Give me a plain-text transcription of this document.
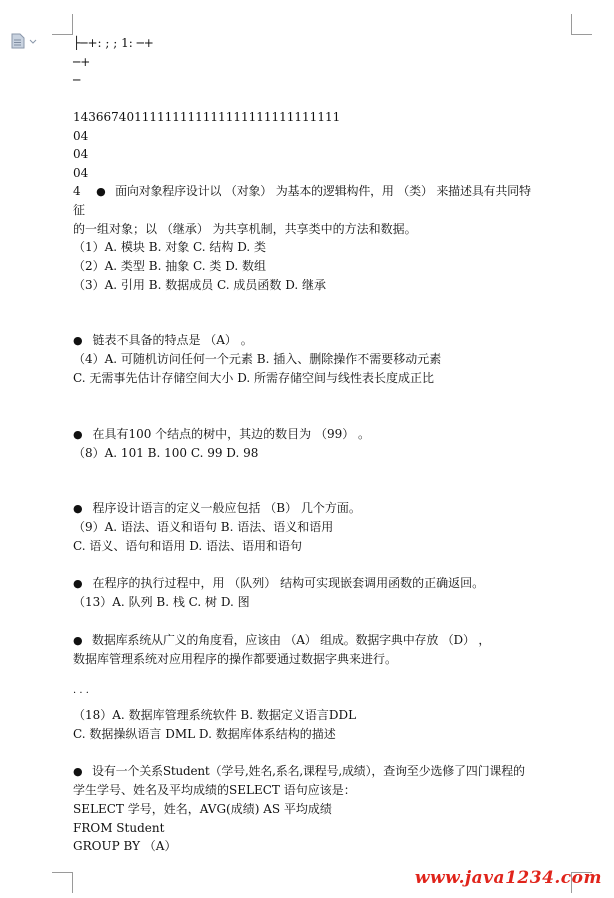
├─+: ; ; 1: ─+
─+
─
14366740111111111111111111111111111
04
04
04
4 ● 面向对象程序设计以 （对象） 为基本的逻辑构件，用 （类） 来描述具有共同特
征
的一组对象；以 （继承） 为共享机制，共享类中的方法和数据。
（1）A. 模块 B. 对象 C. 结构 D. 类
（2）A. 类型 B. 抽象 C. 类 D. 数组
（3）A. 引用 B. 数据成员 C. 成员函数 D. 继承
● 链表不具备的特点是 （A） 。
（4）A. 可随机访问任何一个元素 B. 插入、删除操作不需要移动元素
C. 无需事先估计存储空间大小 D. 所需存储空间与线性表长度成正比
● 在具有100 个结点的树中，其边的数目为 （99） 。
（8）A. 101 B. 100 C. 99 D. 98
● 程序设计语言的定义一般应包括 （B） 几个方面。
（9）A. 语法、语义和语句 B. 语法、语义和语用
C. 语义、语句和语用 D. 语法、语用和语句
● 在程序的执行过程中，用 （队列） 结构可实现嵌套调用函数的正确返回。
（13）A. 队列 B. 栈 C. 树 D. 图
● 数据库系统从广义的角度看，应该由 （A） 组成。数据字典中存放 （D） ，
数据库管理系统对应用程序的操作都要通过数据字典来进行。
· · ·
（18）A. 数据库管理系统软件 B. 数据定义语言DDL
C. 数据操纵语言 DML D. 数据库体系结构的描述
● 设有一个关系Student（学号,姓名,系名,课程号,成绩），查询至少选修了四门课程的
学生学号、姓名及平均成绩的SELECT 语句应该是：
SELECT 学号，姓名，AVG(成绩) AS 平均成绩
FROM Student
GROUP BY （A）
www.java1234.com
